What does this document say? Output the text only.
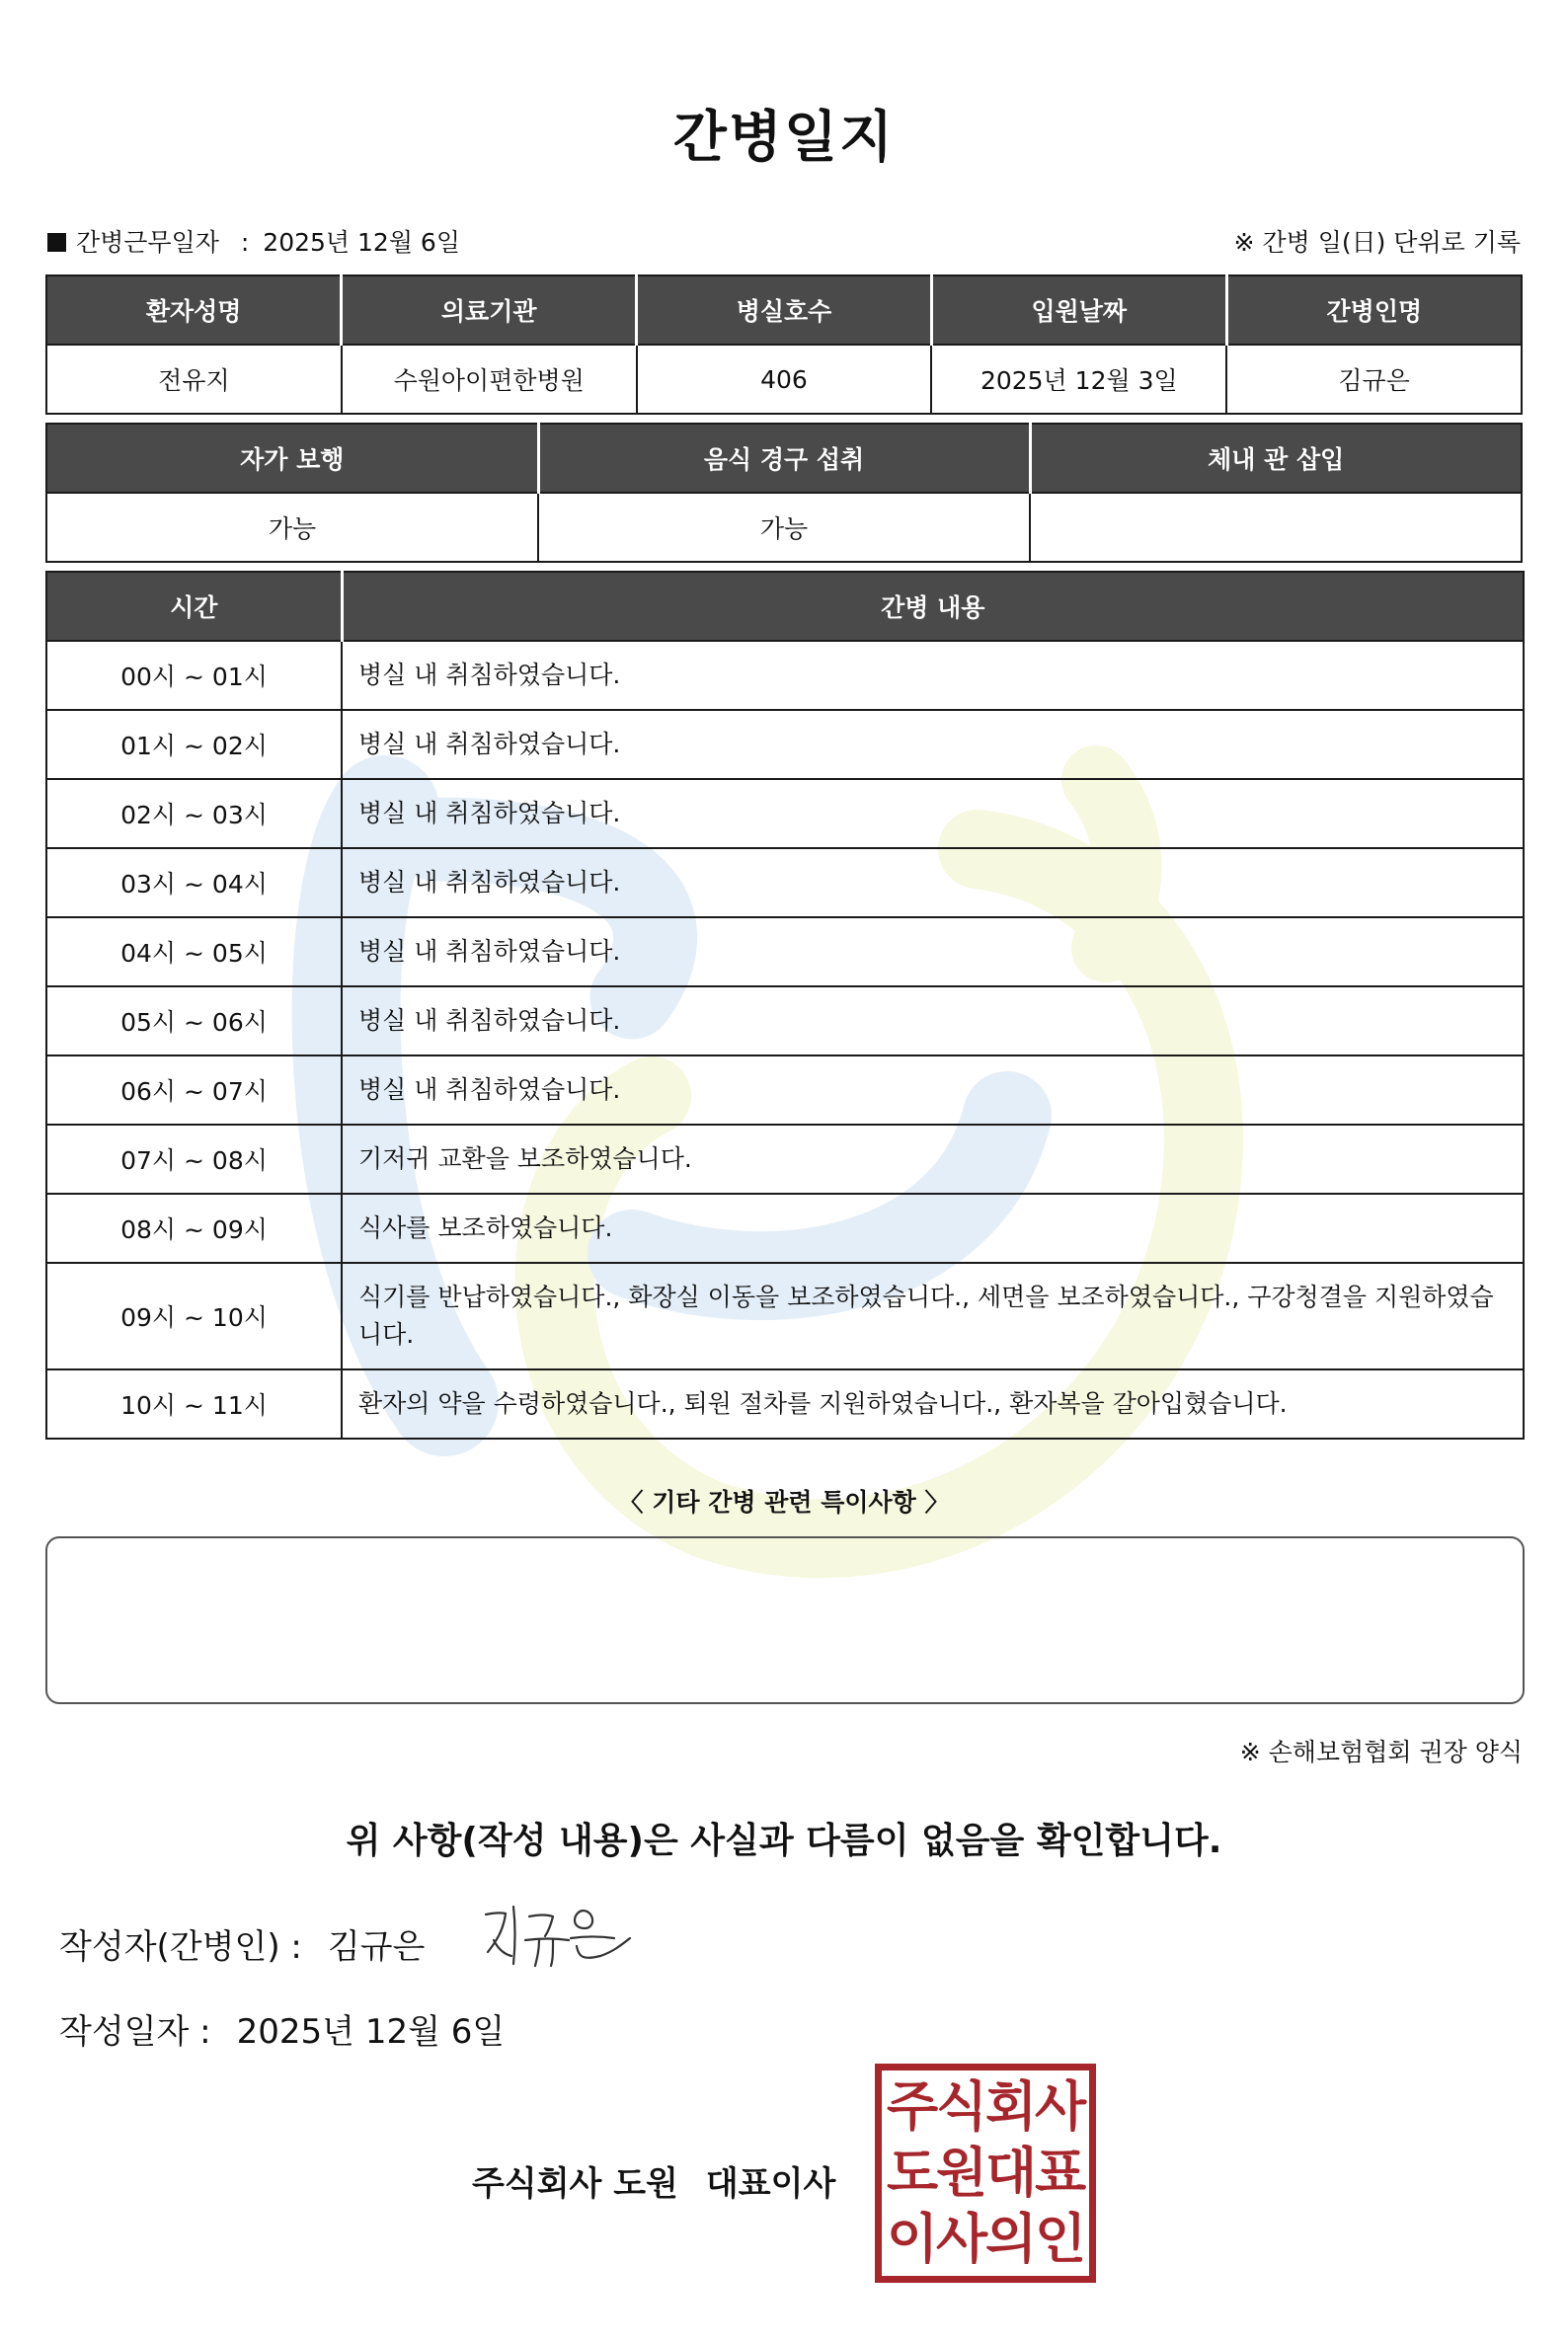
간병일지
간병근무일자 : 2025년 12월 6일	※ 간병 일(日) 단위로 기록
환자성명	의료기관	병실호수	입원날짜	간병인명
전유지	수원아이편한병원	406	2025년 12월 3일	김규은
자가 보행	음식 경구 섭취	체내 관 삽입
가능	가능	
시간	간병 내용
00시 ~ 01시	병실 내 취침하였습니다.
01시 ~ 02시	병실 내 취침하였습니다.
02시 ~ 03시	병실 내 취침하였습니다.
03시 ~ 04시	병실 내 취침하였습니다.
04시 ~ 05시	병실 내 취침하였습니다.
05시 ~ 06시	병실 내 취침하였습니다.
06시 ~ 07시	병실 내 취침하였습니다.
07시 ~ 08시	기저귀 교환을 보조하였습니다.
08시 ~ 09시	식사를 보조하였습니다.
09시 ~ 10시	식기를 반납하였습니다., 화장실 이동을 보조하였습니다., 세면을 보조하였습니다., 구강청결을 지원하였습니다.
10시 ~ 11시	환자의 약을 수령하였습니다., 퇴원 절차를 지원하였습니다., 환자복을 갈아입혔습니다.
〈 기타 간병 관련 특이사항 〉
※ 손해보험협회 권장 양식
위 사항(작성 내용)은 사실과 다름이 없음을 확인합니다.
작성자(간병인) : 김규은
작성일자 : 2025년 12월 6일
주식회사 도원 대표이사
주
식
회
사
도
원
대
표
이
사
의
인
